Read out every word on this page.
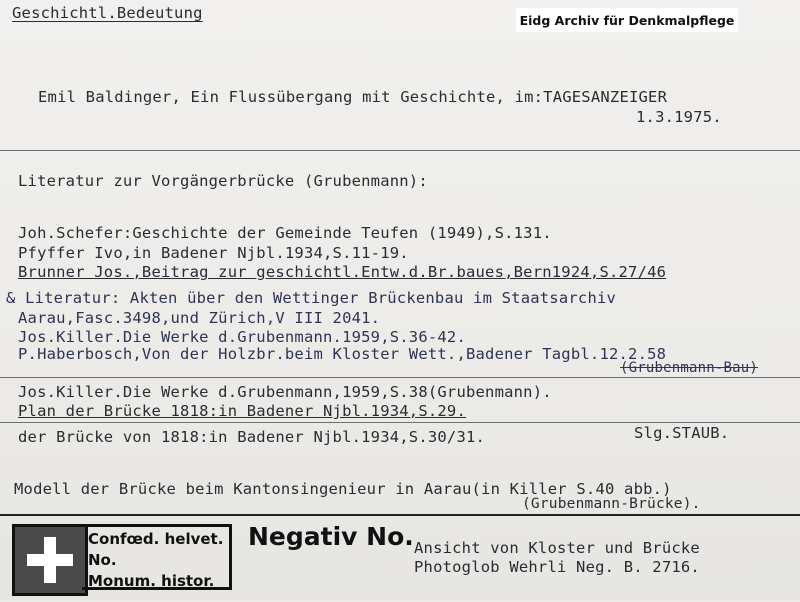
Geschichtl.Bedeutung	Eidg Archiv für Denkmalpflege
Emil Baldinger, Ein Flussübergang mit Geschichte, im:TAGESANZEIGER
1.3.1975.
Literatur zur Vorgängerbrücke (Grubenmann):
Joh.Schefer:Geschichte der Gemeinde Teufen (1949),S.131.
Pfyffer Ivo,in Badener Njbl.1934,S.11-19.
Brunner Jos.,Beitrag zur geschichtl.Entw.d.Br.baues,Bern1924,S.27/46
& Literatur: Akten über den Wettinger Brückenbau im Staatsarchiv
Aarau,Fasc.3498,und Zürich,V III 2041.
Jos.Killer.Die Werke d.Grubenmann.1959,S.36-42.
P.Haberbosch,Von der Holzbr.beim Kloster Wett.,Badener Tagbl.12.2.58
(Grubenmann-Bau)
Jos.Killer.Die Werke d.Grubenmann,1959,S.38(Grubenmann).
Plan der Brücke 1818:in Badener Njbl.1934,S.29.
der Brücke von 1818:in Badener Njbl.1934,S.30/31.	Slg.STAUB.
Modell der Brücke beim Kantonsingenieur in Aarau(in Killer S.40 abb.)
(Grubenmann-Brücke).
Confœd. helvet.
No.
Monum. histor.
Negativ No. Ansicht von Kloster und Brücke
Photoglob Wehrli Neg. B. 2716.
